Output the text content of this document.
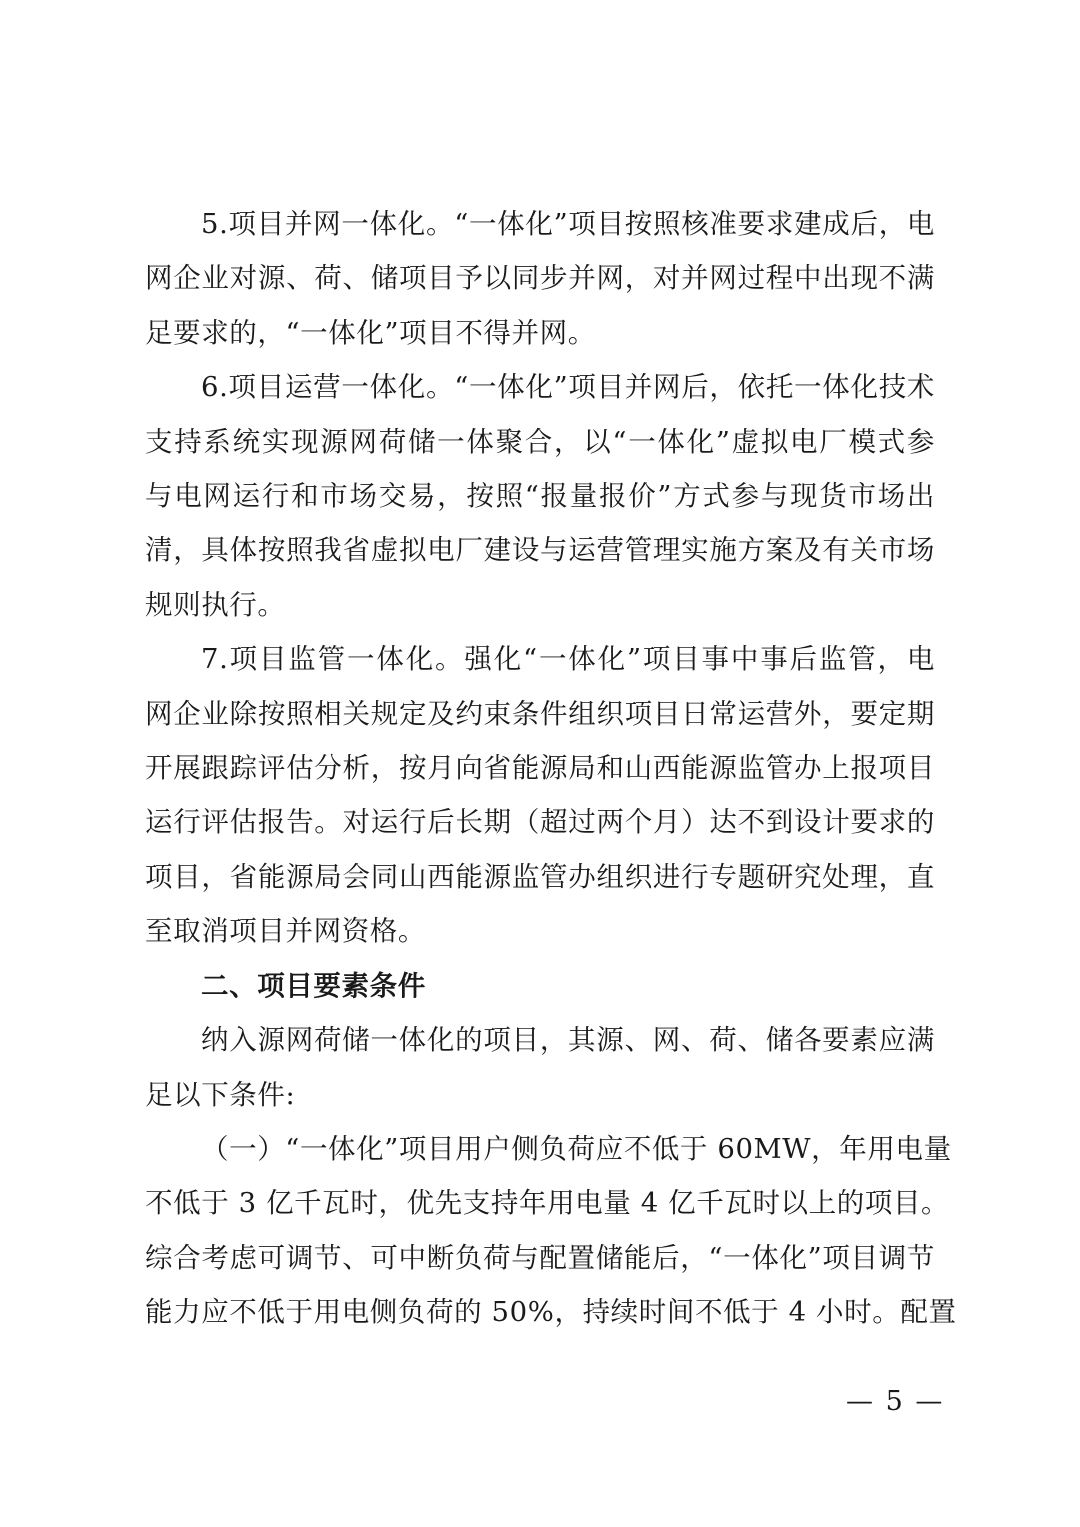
5.项目并网一体化。“一体化”项目按照核准要求建成后，电
网企业对源、荷、储项目予以同步并网，对并网过程中出现不满
足要求的，“一体化”项目不得并网。
6.项目运营一体化。“一体化”项目并网后，依托一体化技术
支持系统实现源网荷储一体聚合，以“一体化”虚拟电厂模式参
与电网运行和市场交易，按照“报量报价”方式参与现货市场出
清，具体按照我省虚拟电厂建设与运营管理实施方案及有关市场
规则执行。
7.项目监管一体化。强化“一体化”项目事中事后监管，电
网企业除按照相关规定及约束条件组织项目日常运营外，要定期
开展跟踪评估分析，按月向省能源局和山西能源监管办上报项目
运行评估报告。对运行后长期（超过两个月）达不到设计要求的
项目，省能源局会同山西能源监管办组织进行专题研究处理，直
至取消项目并网资格。
二、项目要素条件
纳入源网荷储一体化的项目，其源、网、荷、储各要素应满
足以下条件:
（一）“一体化”项目用户侧负荷应不低于 60MW，年用电量
不低于 3 亿千瓦时，优先支持年用电量 4 亿千瓦时以上的项目。
综合考虑可调节、可中断负荷与配置储能后，“一体化”项目调节
能力应不低于用电侧负荷的 50%，持续时间不低于 4 小时。配置
— 5 —
